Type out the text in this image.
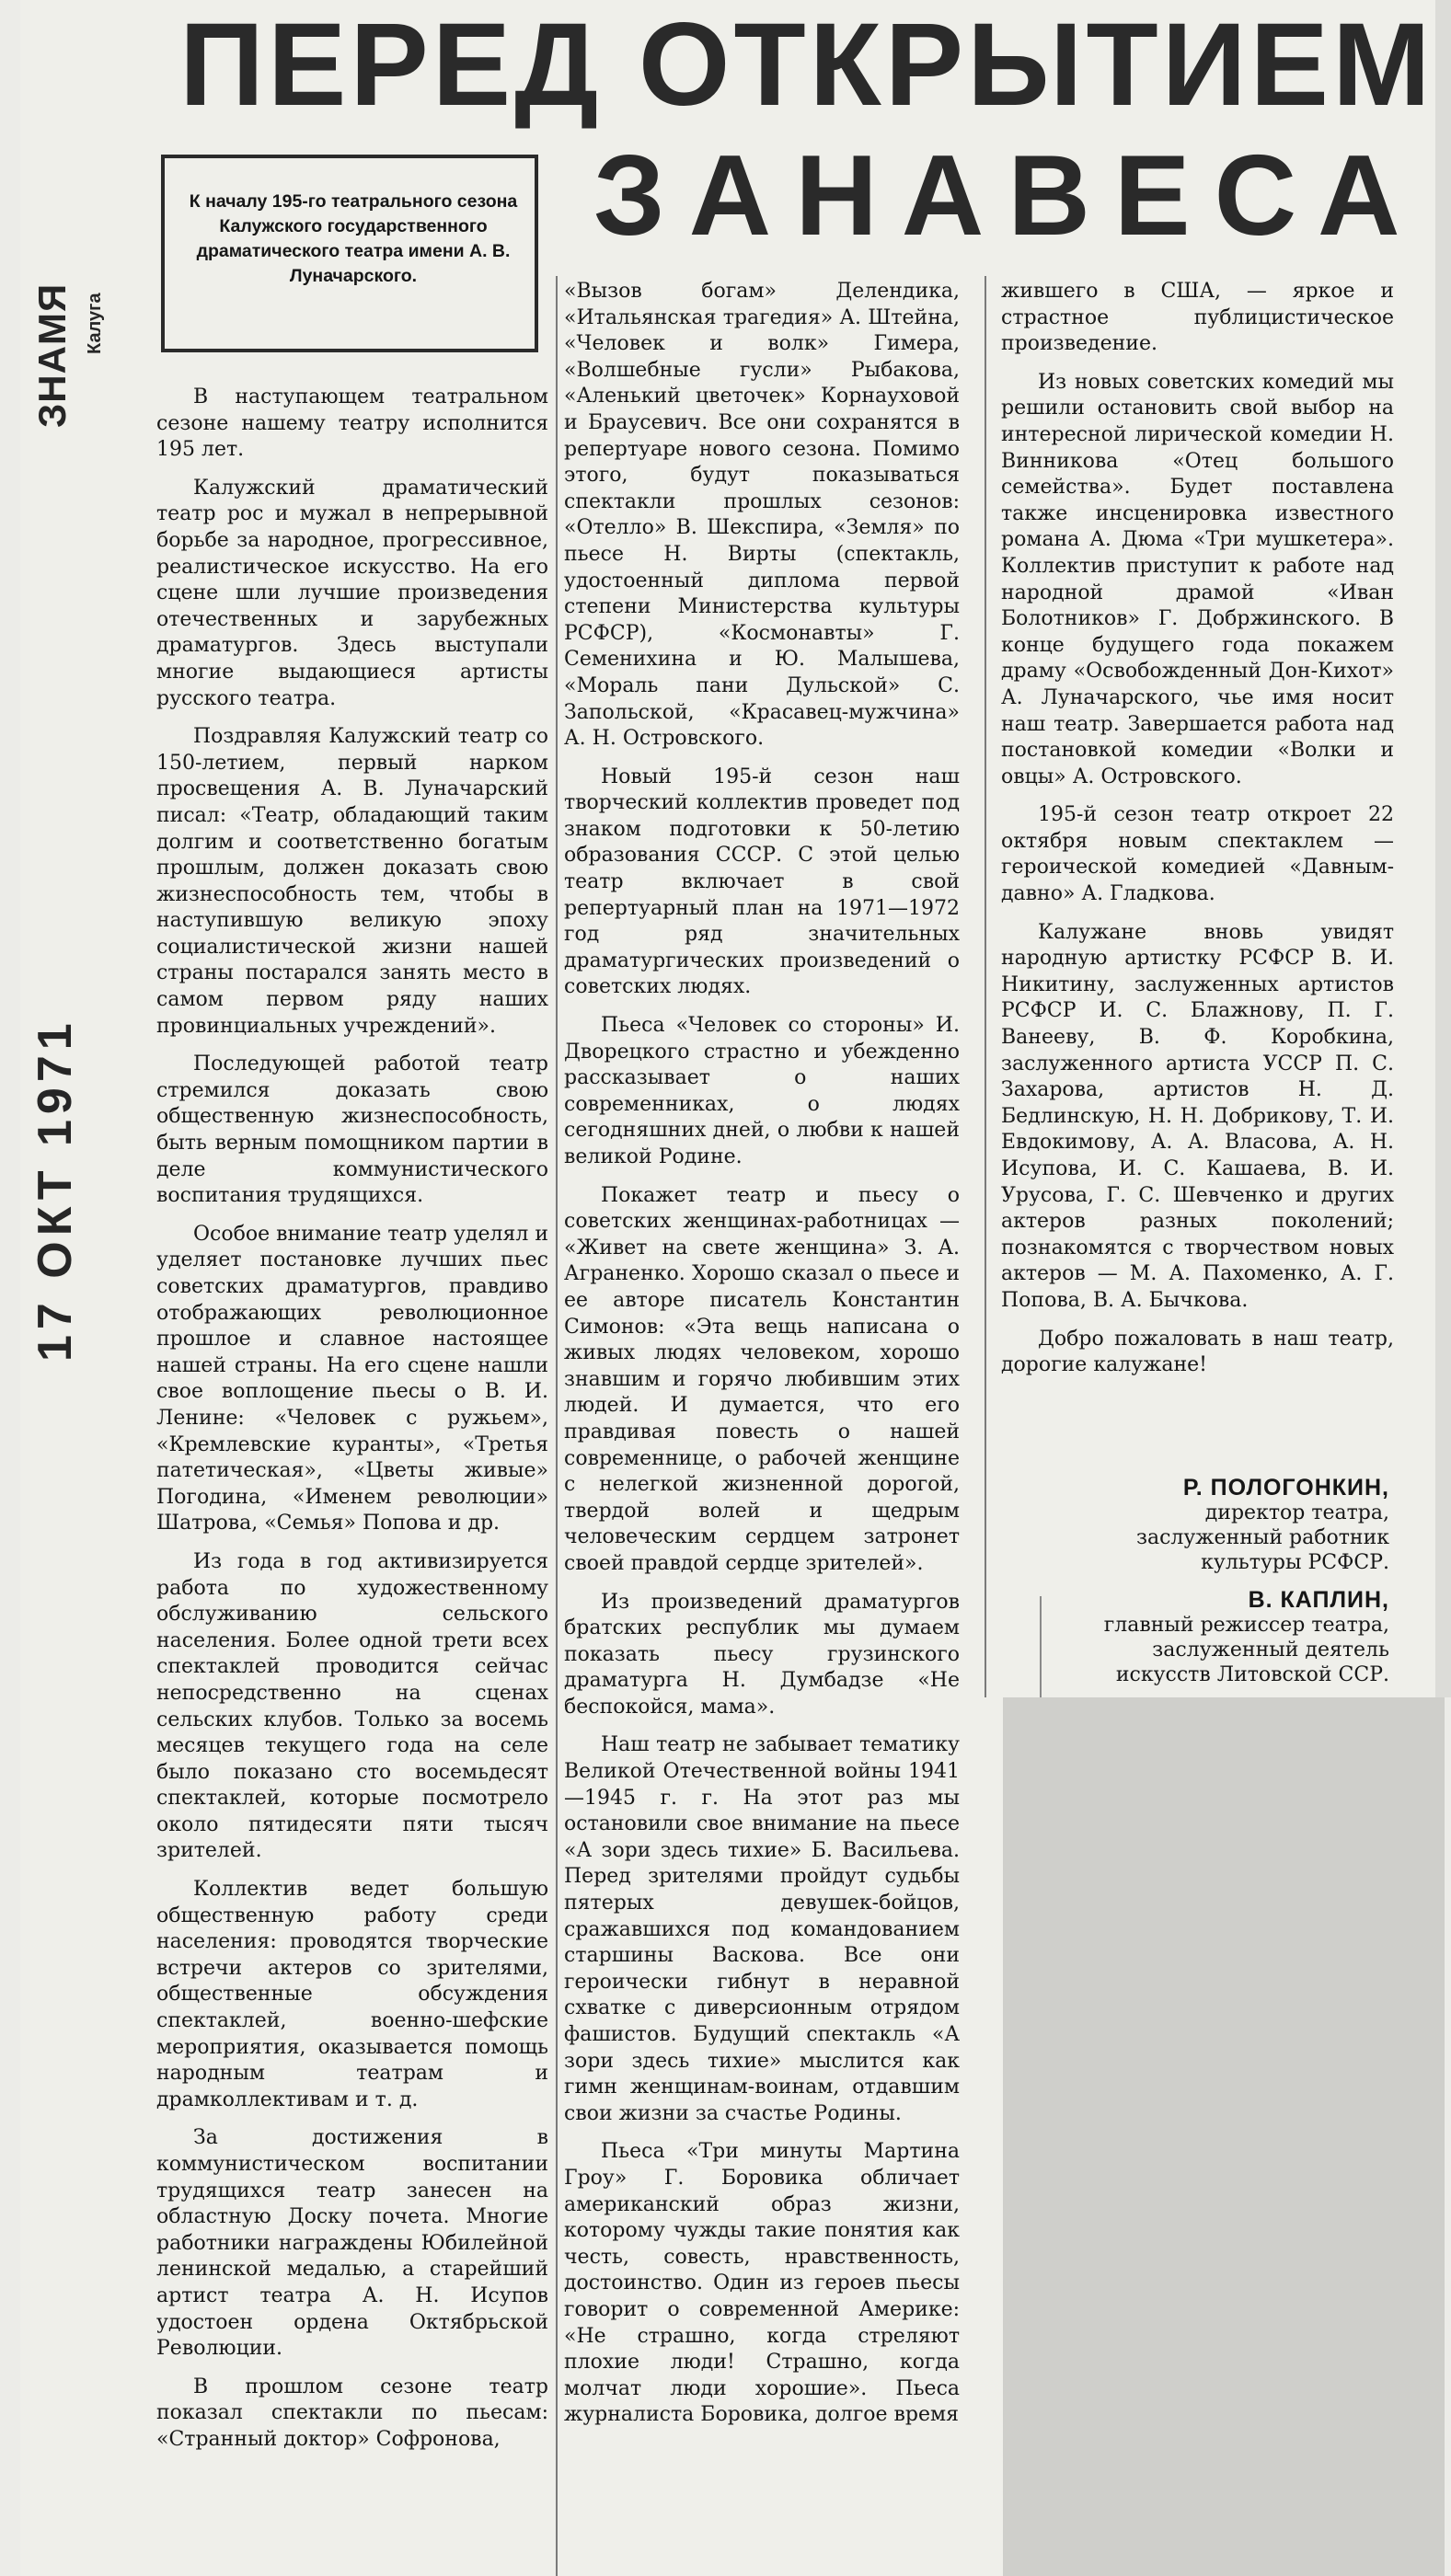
ПЕРЕД ОТКРЫТИЕМ
ЗАНАВЕСА
К началу 195-го театрального сезона Калужского государственного драматического театра имени А. В. Луначарского.
ЗНАМЯ Калуга
17 ОКТ 1971

В наступающем театральном сезоне нашему театру исполнится 195 лет.

Калужский драматический театр рос и мужал в непрерывной борьбе за народное, прогрессивное, реалистическое искусство. На его сцене шли лучшие произведения отечественных и зарубежных драматургов. Здесь выступали многие выдающиеся артисты русского театра.

Поздравляя Калужский театр со 150-летием, первый нарком просвещения А. В. Луначарский писал: «Театр, обладающий таким долгим и соответственно богатым прошлым, должен доказать свою жизнеспособность тем, чтобы в наступившую великую эпоху социалистической жизни нашей страны постарался занять место в самом первом ряду наших провинциальных учреждений».

Последующей работой театр стремился доказать свою общественную жизнеспособность, быть верным помощником партии в деле коммунистического воспитания трудящихся.

Особое внимание театр уделял и уделяет постановке лучших пьес советских драматургов, правдиво отображающих революционное прошлое и славное настоящее нашей страны. На его сцене нашли свое воплощение пьесы о В. И. Ленине: «Человек с ружьем», «Кремлевские куранты», «Третья патетическая», «Цветы живые» Погодина, «Именем революции» Шатрова, «Семья» Попова и др.

Из года в год активизируется работа по художественному обслуживанию сельского населения. Более одной трети всех спектаклей проводится сейчас непосредственно на сценах сельских клубов. Только за восемь месяцев текущего года на селе было показано сто восемьдесят спектаклей, которые посмотрело около пятидесяти пяти тысяч зрителей.

Коллектив ведет большую общественную работу среди населения: проводятся творческие встречи актеров со зрителями, общественные обсуждения спектаклей, военно-шефские мероприятия, оказывается помощь народным театрам и драмколлективам и т. д.

За достижения в коммунистическом воспитании трудящихся театр занесен на областную Доску почета. Многие работники награждены Юбилейной ленинской медалью, а старейший артист театра А. Н. Исупов удостоен ордена Октябрьской Революции.

В прошлом сезоне театр показал спектакли по пьесам: «Странный доктор» Софронова,

«Вызов богам» Делендика, «Итальянская трагедия» А. Штейна, «Человек и волк» Гимера, «Волшебные гусли» Рыбакова, «Аленький цветочек» Корнауховой и Браусевич. Все они сохранятся в репертуаре нового сезона. Помимо этого, будут показываться спектакли прошлых сезонов: «Отелло» В. Шекспира, «Земля» по пьесе Н. Вирты (спектакль, удостоенный диплома первой степени Министерства культуры РСФСР), «Космонавты» Г. Семенихина и Ю. Малышева, «Мораль пани Дульской» С. Запольской, «Красавец-мужчина» А. Н. Островского.

Новый 195-й сезон наш творческий коллектив проведет под знаком подготовки к 50-летию образования СССР. С этой целью театр включает в свой репертуарный план на 1971—1972 год ряд значительных драматургических произведений о советских людях.

Пьеса «Человек со стороны» И. Дворецкого страстно и убежденно рассказывает о наших современниках, о людях сегодняшних дней, о любви к нашей великой Родине.

Покажет театр и пьесу о советских женщинах-работницах — «Живет на свете женщина» З. А. Аграненко. Хорошо сказал о пьесе и ее авторе писатель Константин Симонов: «Эта вещь написана о живых людях человеком, хорошо знавшим и горячо любившим этих людей. И думается, что его правдивая повесть о нашей современнице, о рабочей женщине с нелегкой жизненной дорогой, твердой волей и щедрым человеческим сердцем затронет своей правдой сердце зрителей».

Из произведений драматургов братских республик мы думаем показать пьесу грузинского драматурга Н. Думбадзе «Не беспокойся, мама».

Наш театр не забывает тематику Великой Отечественной войны 1941—1945 г. г. На этот раз мы остановили свое внимание на пьесе «А зори здесь тихие» Б. Васильева. Перед зрителями пройдут судьбы пятерых девушек-бойцов, сражавшихся под командованием старшины Васкова. Все они героически гибнут в неравной схватке с диверсионным отрядом фашистов. Будущий спектакль «А зори здесь тихие» мыслится как гимн женщинам-воинам, отдавшим свои жизни за счастье Родины.

Пьеса «Три минуты Мартина Гроу» Г. Боровика обличает американский образ жизни, которому чужды такие понятия как честь, совесть, нравственность, достоинство. Один из героев пьесы говорит о современной Америке: «Не страшно, когда стреляют плохие люди! Страшно, когда молчат люди хорошие». Пьеса журналиста Боровика, долгое время

жившего в США, — яркое и страстное публицистическое произведение.

Из новых советских комедий мы решили остановить свой выбор на интересной лирической комедии Н. Винникова «Отец большого семейства». Будет поставлена также инсценировка известного романа А. Дюма «Три мушкетера». Коллектив приступит к работе над народной драмой «Иван Болотников» Г. Добржинского. В конце будущего года покажем драму «Освобожденный Дон-Кихот» А. Луначарского, чье имя носит наш театр. Завершается работа над постановкой комедии «Волки и овцы» А. Островского.

195-й сезон театр откроет 22 октября новым спектаклем — героической комедией «Давным-давно» А. Гладкова.

Калужане вновь увидят народную артистку РСФСР В. И. Никитину, заслуженных артистов РСФСР И. С. Блажнову, П. Г. Ванееву, В. Ф. Коробкина, заслуженного артиста УССР П. С. Захарова, артистов Н. Д. Бедлинскую, Н. Н. Добрикову, Т. И. Евдокимову, А. А. Власова, А. Н. Исупова, И. С. Кашаева, В. И. Урусова, Г. С. Шевченко и других актеров разных поколений; познакомятся с творчеством новых актеров — М. А. Пахоменко, А. Г. Попова, В. А. Бычкова.

Добро пожаловать в наш театр, дорогие калужане!

Р. ПОЛОГОНКИН,
директор театра,
заслуженный работник
культуры РСФСР.
В. КАПЛИН,
главный режиссер театра,
заслуженный деятель
искусств Литовской ССР.
